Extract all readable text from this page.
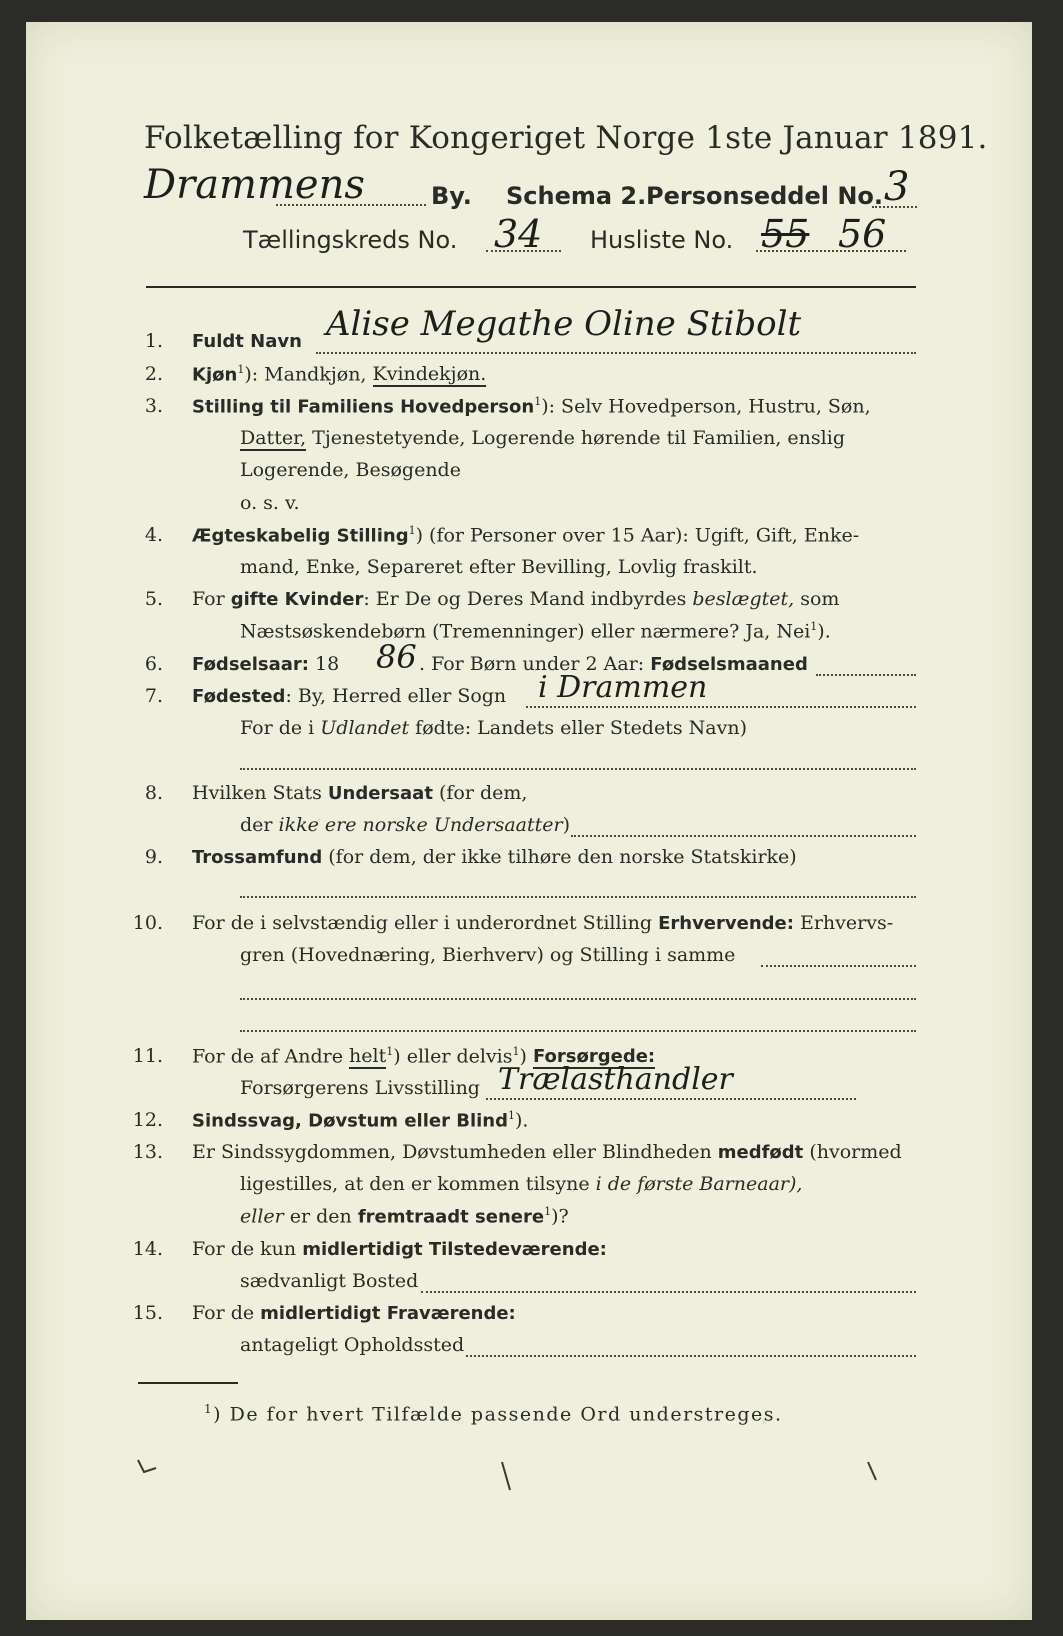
Folketælling for Kongeriget Norge 1ste Januar 1891.
Drammens	By. Schema 2. Personseddel No. 3
Tællingskreds No. 34 Husliste No. 55 56
1. Fuldt Navn Alise Megathe Oline Stibolt
2. Kjøn$^1$): Mandkjøn, Kvindekjøn.
3. Stilling til Familiens Hovedperson$^1$): Selv Hovedperson, Hustru, Søn,
Datter, Tjenestetyende, Logerende hørende til Familien, enslig
Logerende, Besøgende
o. s. v.
4. Ægteskabelig Stilling$^1$) (for Personer over 15 Aar): Ugift, Gift, Enke-
mand, Enke, Separeret efter Bevilling, Lovlig fraskilt.
5. For gifte Kvinder: Er De og Deres Mand indbyrdes beslægtet, som
Næstsøskendebørn (Tremenninger) eller nærmere? Ja, Nei$^1$).
6. Fødselsaar: 18 86 . For Børn under 2 Aar: Fødselsmaaned
7. Fødested: By, Herred eller Sogn i Drammen
For de i Udlandet fødte: Landets eller Stedets Navn)
8. Hvilken Stats Undersaat (for dem,
der ikke ere norske Undersaatter)
9. Trossamfund (for dem, der ikke tilhøre den norske Statskirke)
10. For de i selvstændig eller i underordnet Stilling Erhvervende: Erhvervs-
gren (Hovednæring, Bierhverv) og Stilling i samme
11. For de af Andre helt$^1$) eller delvis$^1$) Forsørgede:
Forsørgerens Livsstilling Trælasthandler
12. Sindssvag, Døvstum eller Blind$^1$).
13. Er Sindssygdommen, Døvstumheden eller Blindheden medfødt (hvormed
ligestilles, at den er kommen tilsyne i de første Barneaar),
eller er den fremtraadt senere$^1$)?
14. For de kun midlertidigt Tilstedeværende:
sædvanligt Bosted
15. For de midlertidigt Fraværende:
antageligt Opholdssted
$^1$) De for hvert Tilfælde passende Ord understreges.
